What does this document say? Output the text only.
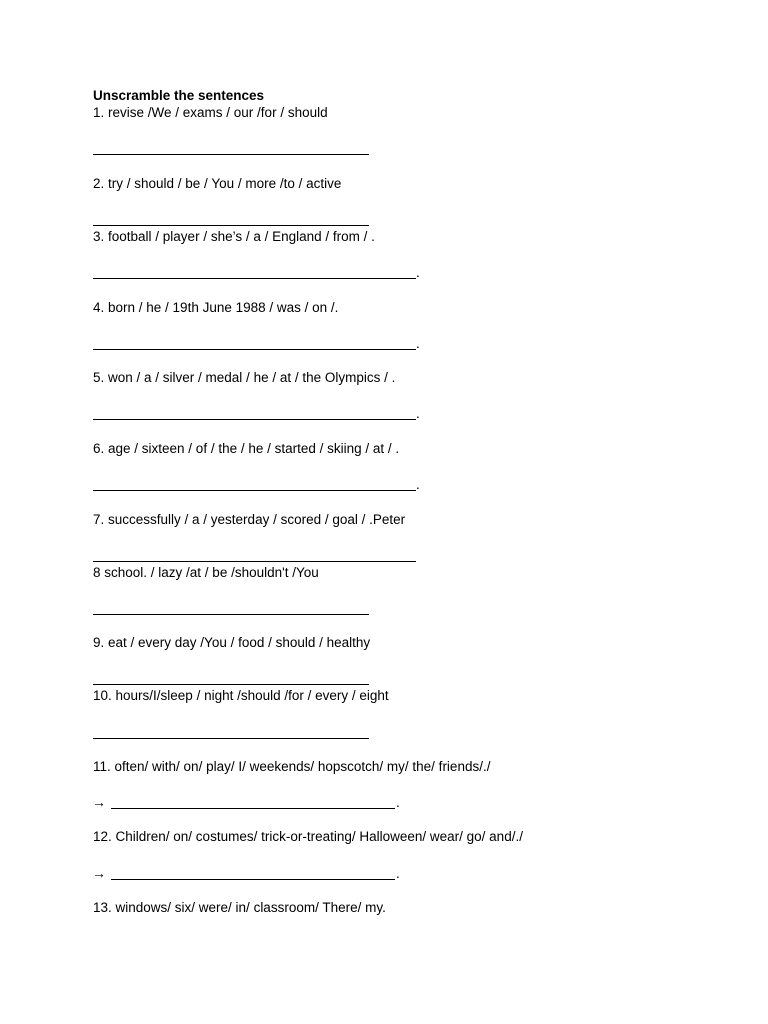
Unscramble the sentences
1. revise /We / exams / our /for / should
2. try / should / be / You / more /to / active
3. football / player / she’s / a / England / from / .
.
4. born / he / 19th June 1988 / was / on /.
.
5. won / a / silver / medal / he / at / the Olympics / .
.
6. age / sixteen / of / the / he / started / skiing / at / .
.
7. successfully / a / yesterday / scored / goal / .Peter
8 school. / lazy /at / be /shouldn't /You
9. eat / every day /You / food / should / healthy
10. hours/I/sleep / night /should /for / every / eight
11. often/ with/ on/ play/ I/ weekends/ hopscotch/ my/ the/ friends/./
→	.
12. Children/ on/ costumes/ trick-or-treating/ Halloween/ wear/ go/ and/./
→	.
13. windows/ six/ were/ in/ classroom/ There/ my.
